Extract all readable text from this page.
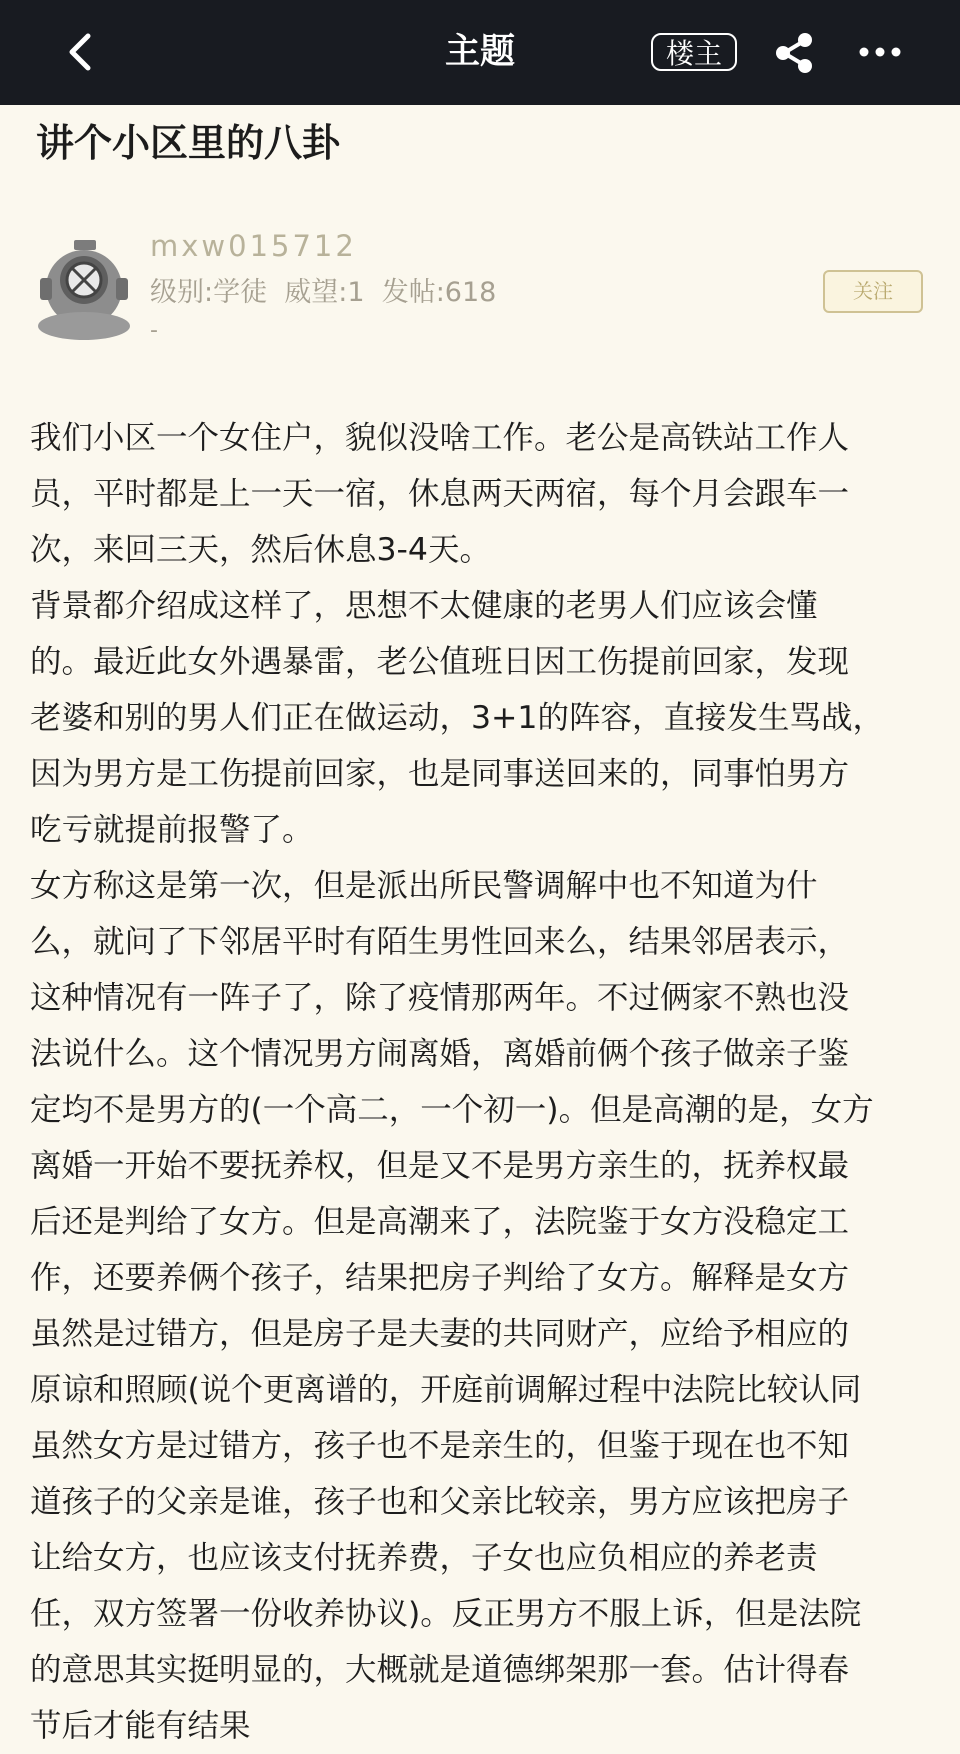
主题	楼主
讲个小区里的八卦
mxw015712
级别:学徒  威望:1  发帖:618
-
关注

我们小区一个女住户，貌似没啥工作。老公是高铁站工作人

员，平时都是上一天一宿，休息两天两宿，每个月会跟车一

次，来回三天，然后休息3-4天。

背景都介绍成这样了，思想不太健康的老男人们应该会懂

的。最近此女外遇暴雷，老公值班日因工伤提前回家，发现

老婆和别的男人们正在做运动，3+1的阵容，直接发生骂战，

因为男方是工伤提前回家，也是同事送回来的，同事怕男方

吃亏就提前报警了。

女方称这是第一次，但是派出所民警调解中也不知道为什

么，就问了下邻居平时有陌生男性回来么，结果邻居表示，

这种情况有一阵子了，除了疫情那两年。不过俩家不熟也没

法说什么。这个情况男方闹离婚，离婚前俩个孩子做亲子鉴

定均不是男方的(一个高二，一个初一)。但是高潮的是，女方

离婚一开始不要抚养权，但是又不是男方亲生的，抚养权最

后还是判给了女方。但是高潮来了，法院鉴于女方没稳定工

作，还要养俩个孩子，结果把房子判给了女方。解释是女方

虽然是过错方，但是房子是夫妻的共同财产，应给予相应的

原谅和照顾(说个更离谱的，开庭前调解过程中法院比较认同

虽然女方是过错方，孩子也不是亲生的，但鉴于现在也不知

道孩子的父亲是谁，孩子也和父亲比较亲，男方应该把房子

让给女方，也应该支付抚养费，子女也应负相应的养老责

任，双方签署一份收养协议)。反正男方不服上诉，但是法院

的意思其实挺明显的，大概就是道德绑架那一套。估计得春

节后才能有结果
